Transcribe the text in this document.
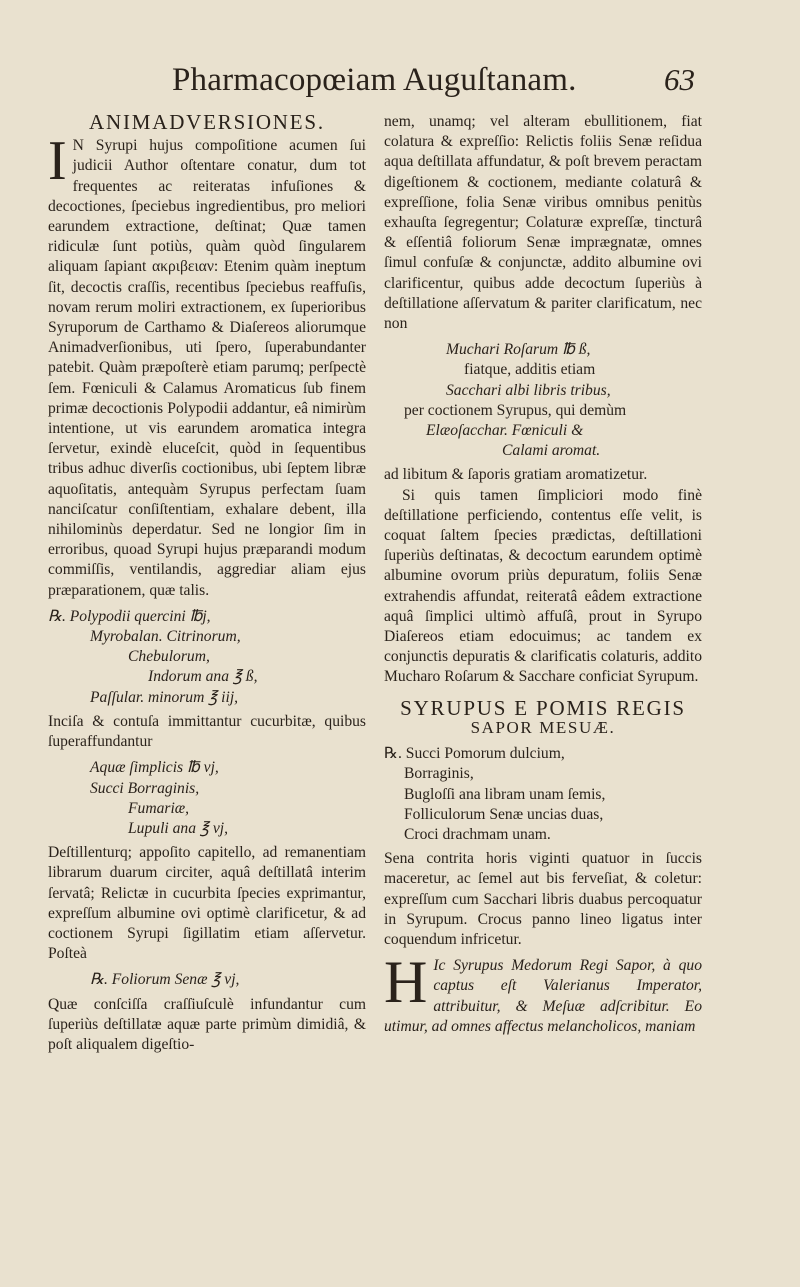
Pharmacopœiam Auguſtanam.	63
ANIMADVERSIONES.

I N Syrupi hujus compoſitione acumen ſui judicii Author oſtentare conatur, dum tot frequentes ac reiteratas infuſiones & decoctiones, ſpeciebus ingredientibus, pro meliori earundem extractione, deſtinat; Quæ tamen ridiculæ ſunt potiùs, quàm quòd ſingularem aliquam ſapiant ακριβειαν: Etenim quàm ineptum ſit, decoctis craſſis, recentibus ſpeciebus reaffuſis, novam rerum moliri extractionem, ex ſuperioribus Syruporum de Carthamo & Diaſereos aliorumque Animadverſionibus, uti ſpero, ſuperabundanter patebit. Quàm præpoſterè etiam parumq; perſpectè ſem. Fœniculi & Calamus Aromaticus ſub finem primæ decoctionis Polypodii addantur, eâ nimirùm intentione, ut vis earundem aromatica integra ſervetur, exindè eluceſcit, quòd in ſequentibus tribus adhuc diverſis coctionibus, ubi ſeptem libræ aquoſitatis, antequàm Syrupus perfectam ſuam nanciſcatur conſiſtentiam, exhalare debent, illa nihilominùs deperdatur. Sed ne longior ſim in erroribus, quoad Syrupi hujus præparandi modum commiſſis, ventilandis, aggrediar aliam ejus præparationem, quæ talis.

℞. Polypodii quercini ℔j,
Myrobalan. Citrinorum,
Chebulorum,
Indorum ana ℥ ß,
Paſſular. minorum ℥ iij,

Inciſa & contuſa immittantur cucurbitæ, quibus ſuperaffundantur

Aquæ ſimplicis ℔ vj,
Succi Borraginis,
Fumariæ,
Lupuli ana ℥ vj,

Deſtillenturq; appoſito capitello, ad remanentiam librarum duarum circiter, aquâ deſtillatâ interim ſervatâ; Relictæ in cucurbita ſpecies exprimantur, expreſſum albumine ovi optimè clarificetur, & ad coctionem Syrupi ſigillatim etiam aſſervetur. Poſteà

℞. Foliorum Senæ ℥ vj,

Quæ conſciſſa craſſiuſculè infundantur cum ſuperiùs deſtillatæ aquæ parte primùm dimidiâ, & poſt aliqualem digeſtio-

nem, unamq; vel alteram ebullitionem, fiat colatura & expreſſio: Relictis foliis Senæ reſidua aqua deſtillata affundatur, & poſt brevem peractam digeſtionem & coctionem, mediante colaturâ & expreſſione, folia Senæ viribus omnibus penitùs exhauſta ſegregentur; Colaturæ expreſſæ, tincturâ & eſſentiâ foliorum Senæ imprægnatæ, omnes ſimul confuſæ & conjunctæ, addito albumine ovi clarificentur, quibus adde decoctum ſuperiùs à deſtillatione aſſervatum & pariter clarificatum, nec non

Muchari Roſarum ℔ ß,
fiatque, additis etiam
Sacchari albi libris tribus,
per coctionem Syrupus, qui demùm
Elæoſacchar. Fœniculi &
Calami aromat.

ad libitum & ſaporis gratiam aromatizetur.

Si quis tamen ſimpliciori modo finè deſtillatione perficiendo, contentus eſſe velit, is coquat ſaltem ſpecies prædictas, deſtillationi ſuperiùs deſtinatas, & decoctum earundem optimè albumine ovorum priùs depuratum, foliis Senæ extrahendis affundat, reiteratâ eâdem extractione aquâ ſimplici ultimò affuſâ, prout in Syrupo Diaſereos etiam edocuimus; ac tandem ex conjunctis depuratis & clarificatis colaturis, addito Mucharo Roſarum & Sacchare conficiat Syrupum.

SYRUPUS E POMIS REGIS
SAPOR MESUÆ.
℞. Succi Pomorum dulcium,
Borraginis,
Bugloſſi ana libram unam ſemis,
Folliculorum Senæ uncias duas,
Croci drachmam unam.

Sena contrita horis viginti quatuor in ſuccis maceretur, ac ſemel aut bis ferveſiat, & coletur: expreſſum cum Sacchari libris duabus percoquatur in Syrupum. Crocus panno lineo ligatus inter coquendum infricetur.

H Ic Syrupus Medorum Regi Sapor, à quo captus eſt Valerianus Imperator, attribuitur, & Meſuæ adſcribitur. Eo utimur, ad omnes affectus melancholicos, maniam
